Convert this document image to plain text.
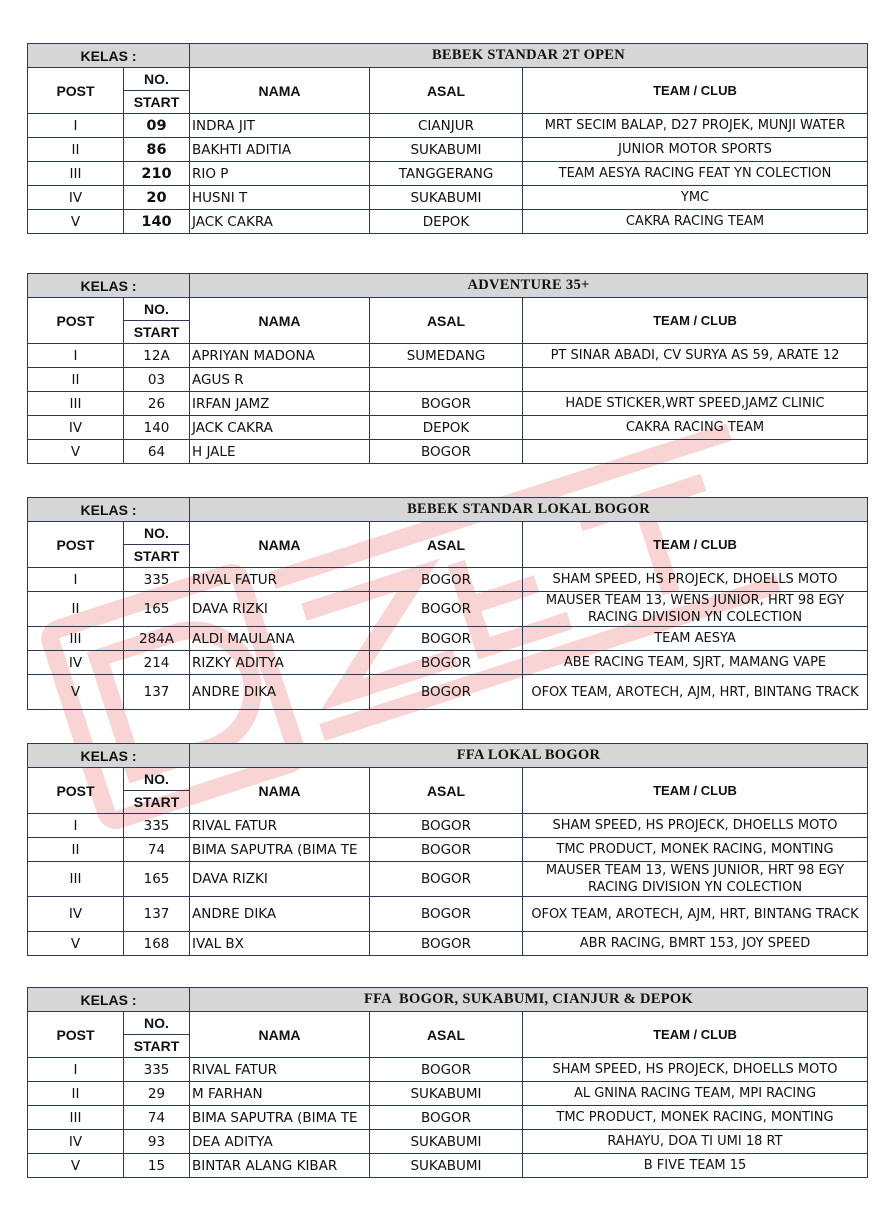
KELAS :		BEBEK STANDAR 2T OPEN		
POST	NO.	NAMA	ASAL	TEAM / CLUB
	START			
I	09	INDRA JIT	CIANJUR	MRT SECIM BALAP, D27 PROJEK, MUNJI WATER
II	86	BAKHTI ADITIA	SUKABUMI	JUNIOR MOTOR SPORTS
III	210	RIO P	TANGGERANG	TEAM AESYA RACING FEAT YN COLECTION
IV	20	HUSNI T	SUKABUMI	YMC
V	140	JACK CAKRA	DEPOK	CAKRA RACING TEAM
KELAS :		ADVENTURE 35+		
POST	NO.	NAMA	ASAL	TEAM / CLUB
	START			
I	12A	APRIYAN MADONA	SUMEDANG	PT SINAR ABADI, CV SURYA AS 59, ARATE 12
II	03	AGUS R		
III	26	IRFAN JAMZ	BOGOR	HADE STICKER,WRT SPEED,JAMZ CLINIC
IV	140	JACK CAKRA	DEPOK	CAKRA RACING TEAM
V	64	H JALE	BOGOR	
KELAS :		BEBEK STANDAR LOKAL BOGOR		
POST	NO.	NAMA	ASAL	TEAM / CLUB
	START			
I	335	RIVAL FATUR	BOGOR	SHAM SPEED, HS PROJECK, DHOELLS MOTO
II	165	DAVA RIZKI	BOGOR	MAUSER TEAM 13, WENS JUNIOR, HRT 98 EGY RACING DIVISION YN COLECTION
III	284A	ALDI MAULANA	BOGOR	TEAM AESYA
IV	214	RIZKY ADITYA	BOGOR	ABE RACING TEAM, SJRT, MAMANG VAPE
V	137	ANDRE DIKA	BOGOR	OFOX TEAM, AROTECH, AJM, HRT, BINTANG TRACK
KELAS :		FFA LOKAL BOGOR		
POST	NO.	NAMA	ASAL	TEAM / CLUB
	START			
I	335	RIVAL FATUR	BOGOR	SHAM SPEED, HS PROJECK, DHOELLS MOTO
II	74	BIMA SAPUTRA (BIMA TE	BOGOR	TMC PRODUCT, MONEK RACING, MONTING
III	165	DAVA RIZKI	BOGOR	MAUSER TEAM 13, WENS JUNIOR, HRT 98 EGY RACING DIVISION YN COLECTION
IV	137	ANDRE DIKA	BOGOR	OFOX TEAM, AROTECH, AJM, HRT, BINTANG TRACK
V	168	IVAL BX	BOGOR	ABR RACING, BMRT 153, JOY SPEED
KELAS :		FFA  BOGOR, SUKABUMI, CIANJUR & DEPOK		
POST	NO.	NAMA	ASAL	TEAM / CLUB
	START			
I	335	RIVAL FATUR	BOGOR	SHAM SPEED, HS PROJECK, DHOELLS MOTO
II	29	M FARHAN	SUKABUMI	AL GNINA RACING TEAM, MPI RACING
III	74	BIMA SAPUTRA (BIMA TE	BOGOR	TMC PRODUCT, MONEK RACING, MONTING
IV	93	DEA ADITYA	SUKABUMI	RAHAYU, DOA TI UMI 18 RT
V	15	BINTAR ALANG KIBAR	SUKABUMI	B FIVE TEAM 15
